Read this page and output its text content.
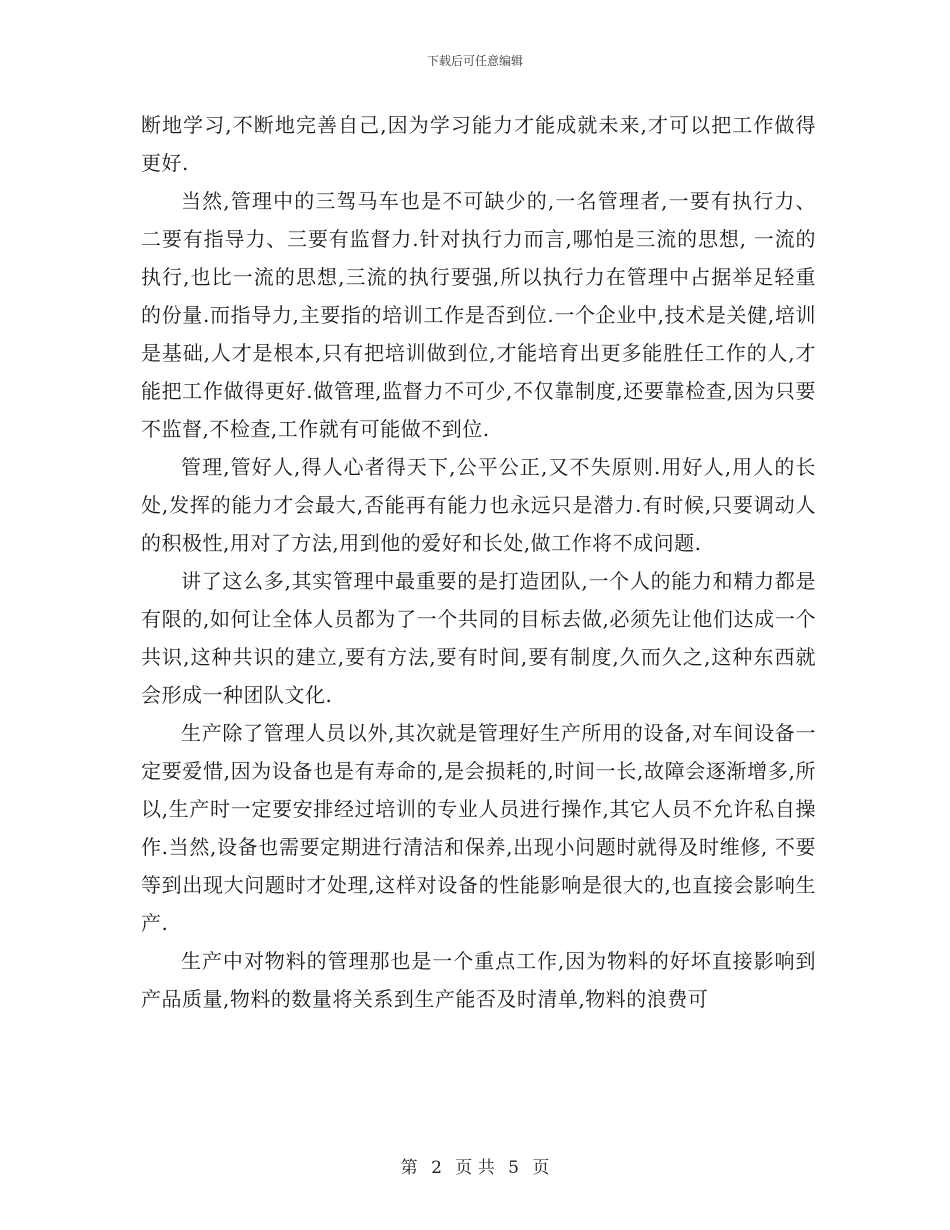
下载后可任意编辑

断地学习,不断地完善自己,因为学习能力才能成就未来,才可以把工作做得更好.

当然,管理中的三驾马车也是不可缺少的,一名管理者,一要有执行力、二要有指导力、三要有监督力.针对执行力而言,哪怕是三流的思想, 一流的执行,也比一流的思想,三流的执行要强,所以执行力在管理中占据举足轻重的份量.而指导力,主要指的培训工作是否到位.一个企业中,技术是关健,培训是基础,人才是根本,只有把培训做到位,才能培育出更多能胜任工作的人,才能把工作做得更好.做管理,监督力不可少,不仅靠制度,还要靠检查,因为只要不监督,不检查,工作就有可能做不到位.

管理,管好人,得人心者得天下,公平公正,又不失原则.用好人,用人的长处,发挥的能力才会最大,否能再有能力也永远只是潜力.有时候,只要调动人的积极性,用对了方法,用到他的爱好和长处,做工作将不成问题.

讲了这么多,其实管理中最重要的是打造团队,一个人的能力和精力都是有限的,如何让全体人员都为了一个共同的目标去做,必须先让他们达成一个共识,这种共识的建立,要有方法,要有时间,要有制度,久而久之,这种东西就会形成一种团队文化.

生产除了管理人员以外,其次就是管理好生产所用的设备,对车间设备一定要爱惜,因为设备也是有寿命的,是会损耗的,时间一长,故障会逐渐增多,所以,生产时一定要安排经过培训的专业人员进行操作,其它人员不允许私自操作.当然,设备也需要定期进行清洁和保养,出现小问题时就得及时维修, 不要等到出现大问题时才处理,这样对设备的性能影响是很大的,也直接会影响生产.

生产中对物料的管理那也是一个重点工作,因为物料的好坏直接影响到产品质量,物料的数量将关系到生产能否及时清单,物料的浪费可

第 2 页 共 5 页
